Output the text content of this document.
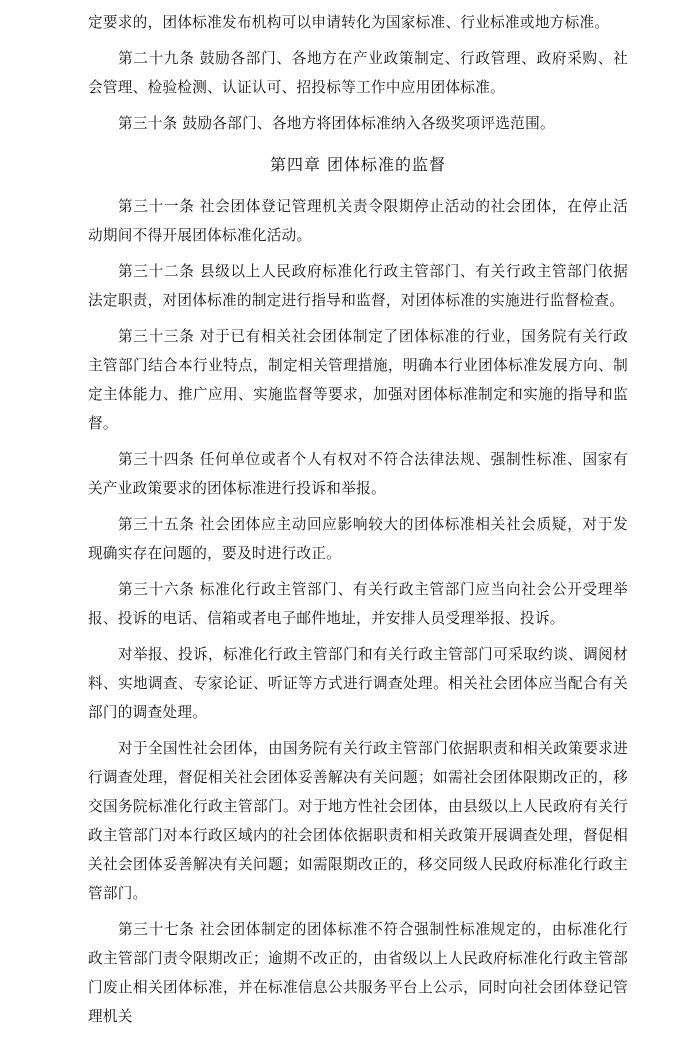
定要求的，团体标准发布机构可以申请转化为国家标准、行业标准或地方标准。

第二十九条 鼓励各部门、各地方在产业政策制定、行政管理、政府采购、社会管理、检验检测、认证认可、招投标等工作中应用团体标准。

第三十条 鼓励各部门、各地方将团体标准纳入各级奖项评选范围。

第四章 团体标准的监督

第三十一条 社会团体登记管理机关责令限期停止活动的社会团体，在停止活动期间不得开展团体标准化活动。

第三十二条 县级以上人民政府标准化行政主管部门、有关行政主管部门依据法定职责，对团体标准的制定进行指导和监督，对团体标准的实施进行监督检查。

第三十三条 对于已有相关社会团体制定了团体标准的行业，国务院有关行政主管部门结合本行业特点，制定相关管理措施，明确本行业团体标准发展方向、制定主体能力、推广应用、实施监督等要求，加强对团体标准制定和实施的指导和监督。

第三十四条 任何单位或者个人有权对不符合法律法规、强制性标准、国家有关产业政策要求的团体标准进行投诉和举报。

第三十五条 社会团体应主动回应影响较大的团体标准相关社会质疑，对于发现确实存在问题的，要及时进行改正。

第三十六条 标准化行政主管部门、有关行政主管部门应当向社会公开受理举报、投诉的电话、信箱或者电子邮件地址，并安排人员受理举报、投诉。

对举报、投诉，标准化行政主管部门和有关行政主管部门可采取约谈、调阅材料、实地调查、专家论证、听证等方式进行调查处理。相关社会团体应当配合有关部门的调查处理。

对于全国性社会团体，由国务院有关行政主管部门依据职责和相关政策要求进行调查处理，督促相关社会团体妥善解决有关问题；如需社会团体限期改正的，移交国务院标准化行政主管部门。对于地方性社会团体，由县级以上人民政府有关行政主管部门对本行政区域内的社会团体依据职责和相关政策开展调查处理，督促相关社会团体妥善解决有关问题；如需限期改正的，移交同级人民政府标准化行政主管部门。

第三十七条 社会团体制定的团体标准不符合强制性标准规定的，由标准化行政主管部门责令限期改正；逾期不改正的，由省级以上人民政府标准化行政主管部门废止相关团体标准，并在标准信息公共服务平台上公示，同时向社会团体登记管理机关
